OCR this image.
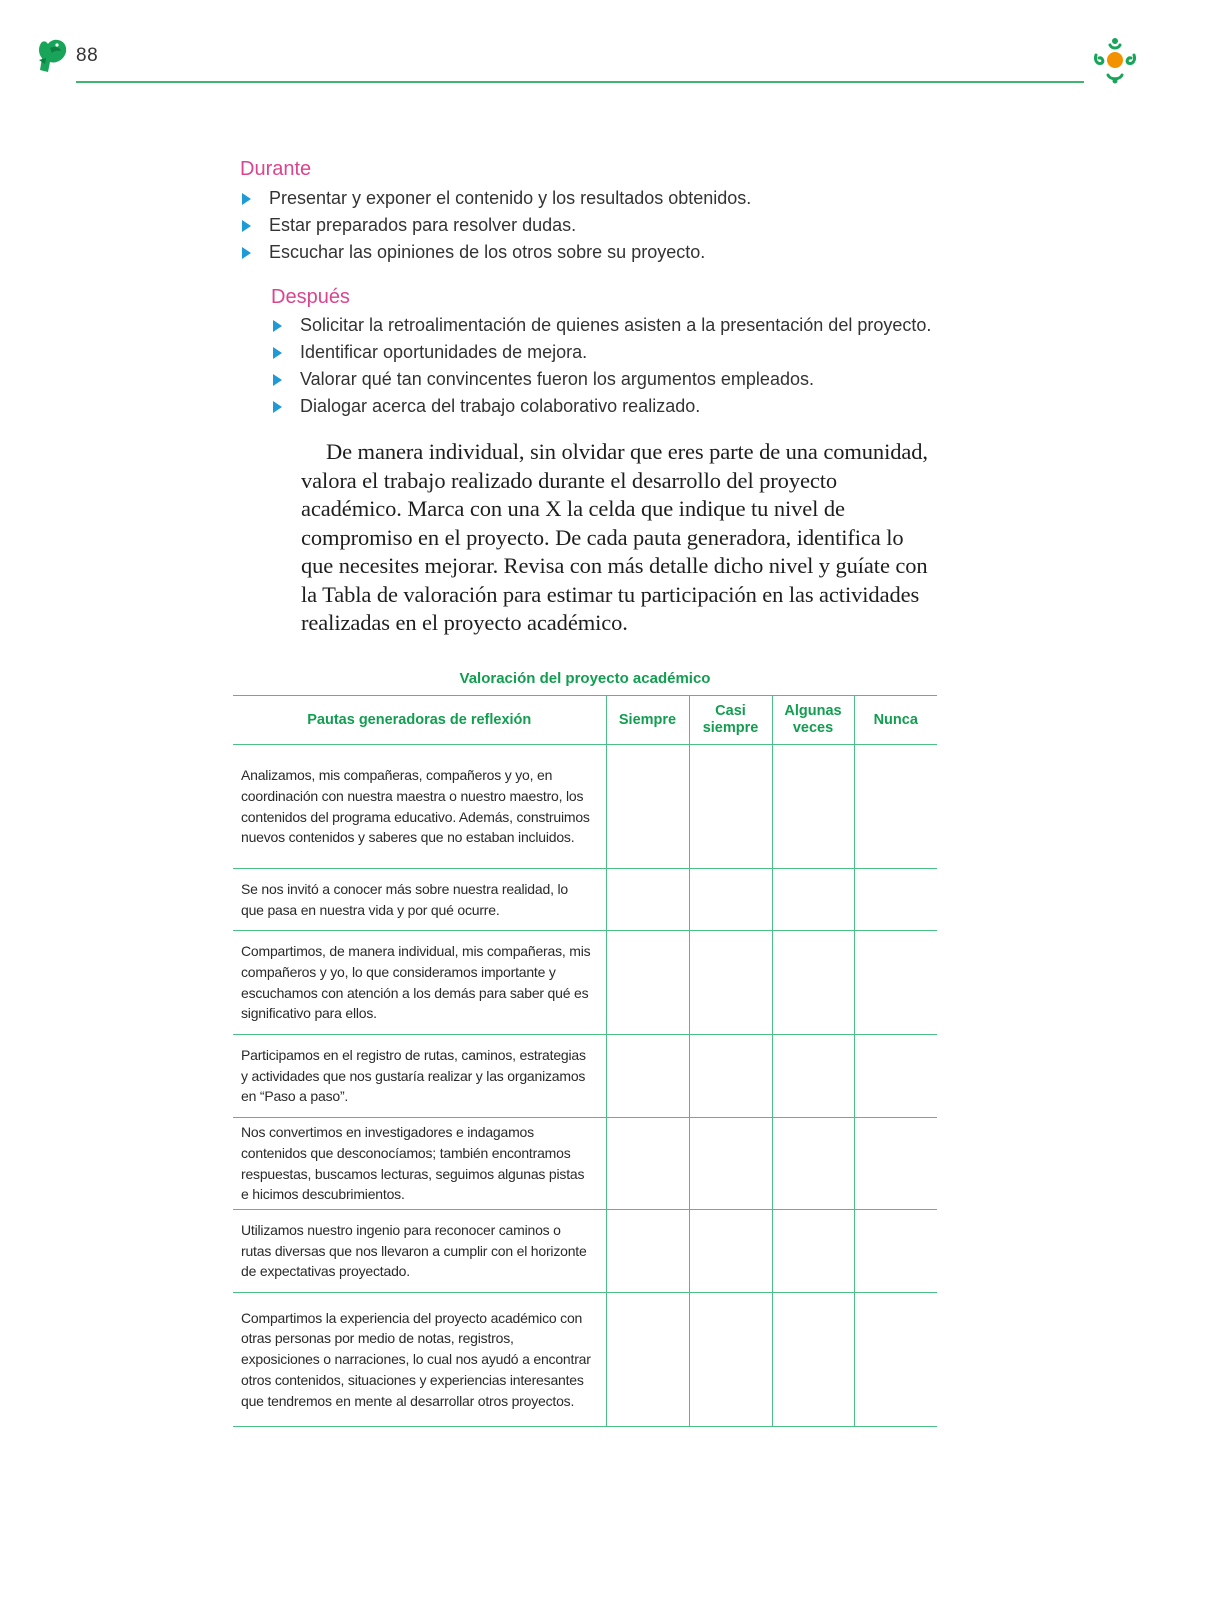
88
Durante
Presentar y exponer el contenido y los resultados obtenidos.
Estar preparados para resolver dudas.
Escuchar las opiniones de los otros sobre su proyecto.
Después
Solicitar la retroalimentación de quienes asisten a la presentación del proyecto.
Identificar oportunidades de mejora.
Valorar qué tan convincentes fueron los argumentos empleados.
Dialogar acerca del trabajo colaborativo realizado.

De manera individual, sin olvidar que eres parte de una comunidad, valora el trabajo realizado durante el desarrollo del proyecto académico. Marca con una X la celda que indique tu nivel de compromiso en el proyecto. De cada pauta generadora, identifica lo que necesites mejorar. Revisa con más detalle dicho nivel y guíate con la Tabla de valoración para estimar tu participación en las actividades realizadas en el proyecto académico.

Valoración del proyecto académico
Pautas generadoras de reflexión	Siempre	Casi siempre	Algunas veces	Nunca
Analizamos, mis compañeras, compañeros y yo, en coordinación con nuestra maestra o nuestro maestro, los contenidos del programa educativo. Además, construimos nuevos contenidos y saberes que no estaban incluidos.				
Se nos invitó a conocer más sobre nuestra realidad, lo que pasa en nuestra vida y por qué ocurre.				
Compartimos, de manera individual, mis compañeras, mis compañeros y yo, lo que consideramos importante y escuchamos con atención a los demás para saber qué es significativo para ellos.				
Participamos en el registro de rutas, caminos, estrategias y actividades que nos gustaría realizar y las organizamos en “Paso a paso”.				
Nos convertimos en investigadores e indagamos contenidos que desconocíamos; también encontramos respuestas, buscamos lecturas, seguimos algunas pistas e hicimos descubrimientos.				
Utilizamos nuestro ingenio para reconocer caminos o rutas diversas que nos llevaron a cumplir con el horizonte de expectativas proyectado.				
Compartimos la experiencia del proyecto académico con otras personas por medio de notas, registros, exposiciones o narraciones, lo cual nos ayudó a encontrar otros contenidos, situaciones y experiencias interesantes que tendremos en mente al desarrollar otros proyectos.				
